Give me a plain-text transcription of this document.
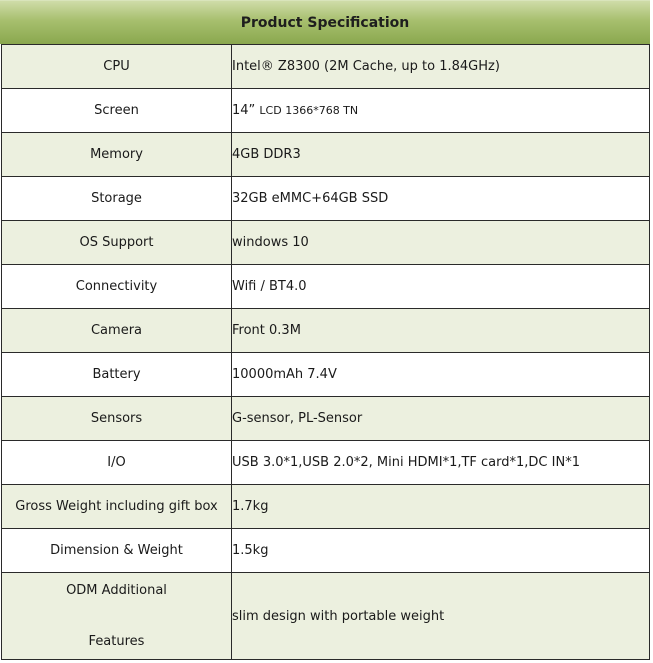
Product Specification
CPU	Intel® Z8300 (2M Cache, up to 1.84GHz)
Screen	14” LCD 1366*768 TN
Memory	4GB DDR3
Storage	32GB eMMC+64GB SSD
OS Support	windows 10
Connectivity	Wifi / BT4.0
Camera	Front 0.3M
Battery	10000mAh 7.4V
Sensors	G-sensor, PL-Sensor
I/O	USB 3.0*1,USB 2.0*2, Mini HDMI*1,TF card*1,DC IN*1
Gross Weight including gift box	1.7kg
Dimension & Weight	1.5kg

ODM Additional
Features	slim design with portable weight
